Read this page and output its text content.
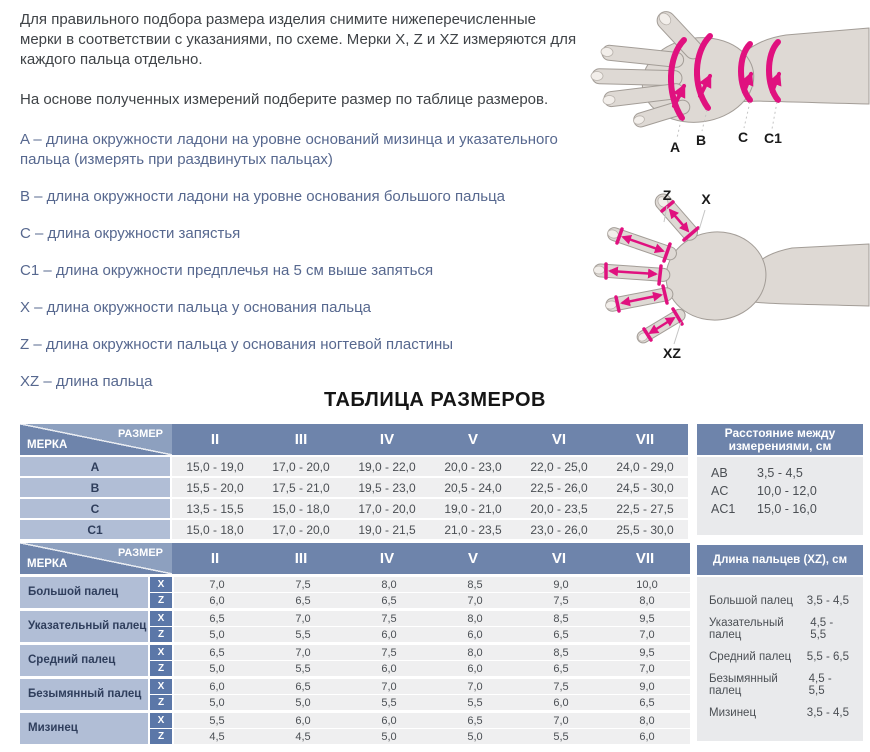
Для правильного подбора размера изделия снимите нижеперечисленные мерки в соответствии с указаниями, по схеме. Мерки X, Z и XZ измеряются для каждого пальца отдельно.

На основе полученных измерений подберите размер по таблице размеров.

A – длина окружности ладони на уровне оснований мизинца и указательного пальца (измерять при раздвинутых пальцах)
B – длина окружности ладони на уровне основания большого пальца
C – длина окружности запястья
C1 – длина окружности предплечья на 5 см выше запяться
X – длина окружности пальца у основания пальца
Z – длина окружности пальца у основания ногтевой пластины
XZ – длина пальца
A B C C1
Z X
XZ
ТАБЛИЦА РАЗМЕРОВ
РАЗМЕР
МЕРКА	II	III	IV	V	VI	VII
A	15,0 - 19,0	17,0 - 20,0	19,0 - 22,0	20,0 - 23,0	22,0 - 25,0	24,0 - 29,0
B	15,5 - 20,0	17,5 - 21,0	19,5 - 23,0	20,5 - 24,0	22,5 - 26,0	24,5 - 30,0
C	13,5 - 15,5	15,0 - 18,0	17,0 - 20,0	19,0 - 21,0	20,0 - 23,5	22,5 - 27,5
C1	15,0 - 18,0	17,0 - 20,0	19,0 - 21,5	21,0 - 23,5	23,0 - 26,0	25,5 - 30,0
Расстояние между измерениями, см
AB	3,5 - 4,5
AC	10,0 - 12,0
AC1	15,0 - 16,0
РАЗМЕР
МЕРКА	II	III	IV	V	VI	VII
Большой палец
X	7,0	7,5	8,0	8,5	9,0	10,0
Z	6,0	6,5	6,5	7,0	7,5	8,0
Указательный палец
X	6,5	7,0	7,5	8,0	8,5	9,5
Z	5,0	5,5	6,0	6,0	6,5	7,0
Средний палец
X	6,5	7,0	7,5	8,0	8,5	9,5
Z	5,0	5,5	6,0	6,0	6,5	7,0
Безымянный палец
X	6,0	6,5	7,0	7,0	7,5	9,0
Z	5,0	5,0	5,5	5,5	6,0	6,5
Мизинец
X	5,5	6,0	6,0	6,5	7,0	8,0
Z	4,5	4,5	5,0	5,0	5,5	6,0
Длина пальцев (XZ), см
Большой палец 3,5 - 4,5
Указательный палец
4,5 - 5,5
Средний палец 5,5 - 6,5
Безымянный палец
4,5 - 5,5
Мизинец	3,5 - 4,5
